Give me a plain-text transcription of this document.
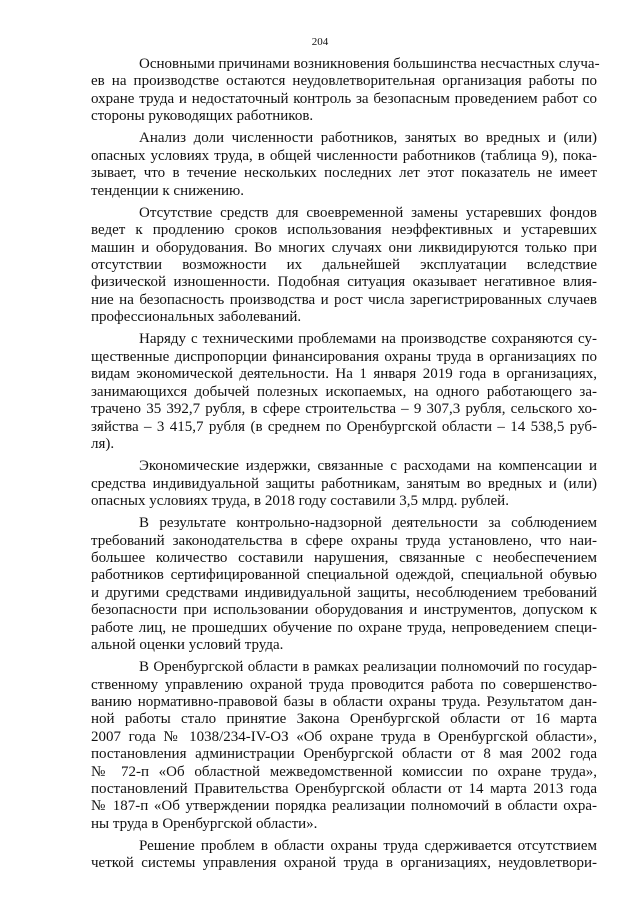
204
Основными причинами возникновения большинства несчастных случа-
ев на производстве остаются неудовлетворительная организация работы по
охране труда и недостаточный контроль за безопасным проведением работ со
стороны руководящих работников.
Анализ доли численности работников, занятых во вредных и (или)
опасных условиях труда, в общей численности работников (таблица 9), пока-
зывает, что в течение нескольких последних лет этот показатель не имеет
тенденции к снижению.
Отсутствие средств для своевременной замены устаревших фондов
ведет к продлению сроков использования неэффективных и устаревших
машин и оборудования. Во многих случаях они ликвидируются только при
отсутствии возможности их дальнейшей эксплуатации вследствие
физической изношенности. Подобная ситуация оказывает негативное влия-
ние на безопасность производства и рост числа зарегистрированных случаев
профессиональных заболеваний.
Наряду с техническими проблемами на производстве сохраняются су-
щественные диспропорции финансирования охраны труда в организациях по
видам экономической деятельности. На 1 января 2019 года в организациях,
занимающихся добычей полезных ископаемых, на одного работающего за-
трачено 35 392,7 рубля, в сфере строительства – 9 307,3 рубля, сельского хо-
зяйства – 3 415,7 рубля (в среднем по Оренбургской области – 14 538,5 руб-
ля).
Экономические издержки, связанные с расходами на компенсации и
средства индивидуальной защиты работникам, занятым во вредных и (или)
опасных условиях труда, в 2018 году составили 3,5 млрд. рублей.
В результате контрольно-надзорной деятельности за соблюдением
требований законодательства в сфере охраны труда установлено, что наи-
большее количество составили нарушения, связанные с необеспечением
работников сертифицированной специальной одеждой, специальной обувью
и другими средствами индивидуальной защиты, несоблюдением требований
безопасности при использовании оборудования и инструментов, допуском к
работе лиц, не прошедших обучение по охране труда, непроведением специ-
альной оценки условий труда.
В Оренбургской области в рамках реализации полномочий по государ-
ственному управлению охраной труда проводится работа по совершенство-
ванию нормативно-правовой базы в области охраны труда. Результатом дан-
ной работы стало принятие Закона Оренбургской области от 16 марта
2007 года № 1038/234-IV-ОЗ «Об охране труда в Оренбургской области»,
постановления администрации Оренбургской области от 8 мая 2002 года
№ 72-п «Об областной межведомственной комиссии по охране труда»,
постановлений Правительства Оренбургской области от 14 марта 2013 года
№ 187-п «Об утверждении порядка реализации полномочий в области охра-
ны труда в Оренбургской области».
Решение проблем в области охраны труда сдерживается отсутствием
четкой системы управления охраной труда в организациях, неудовлетвори-
